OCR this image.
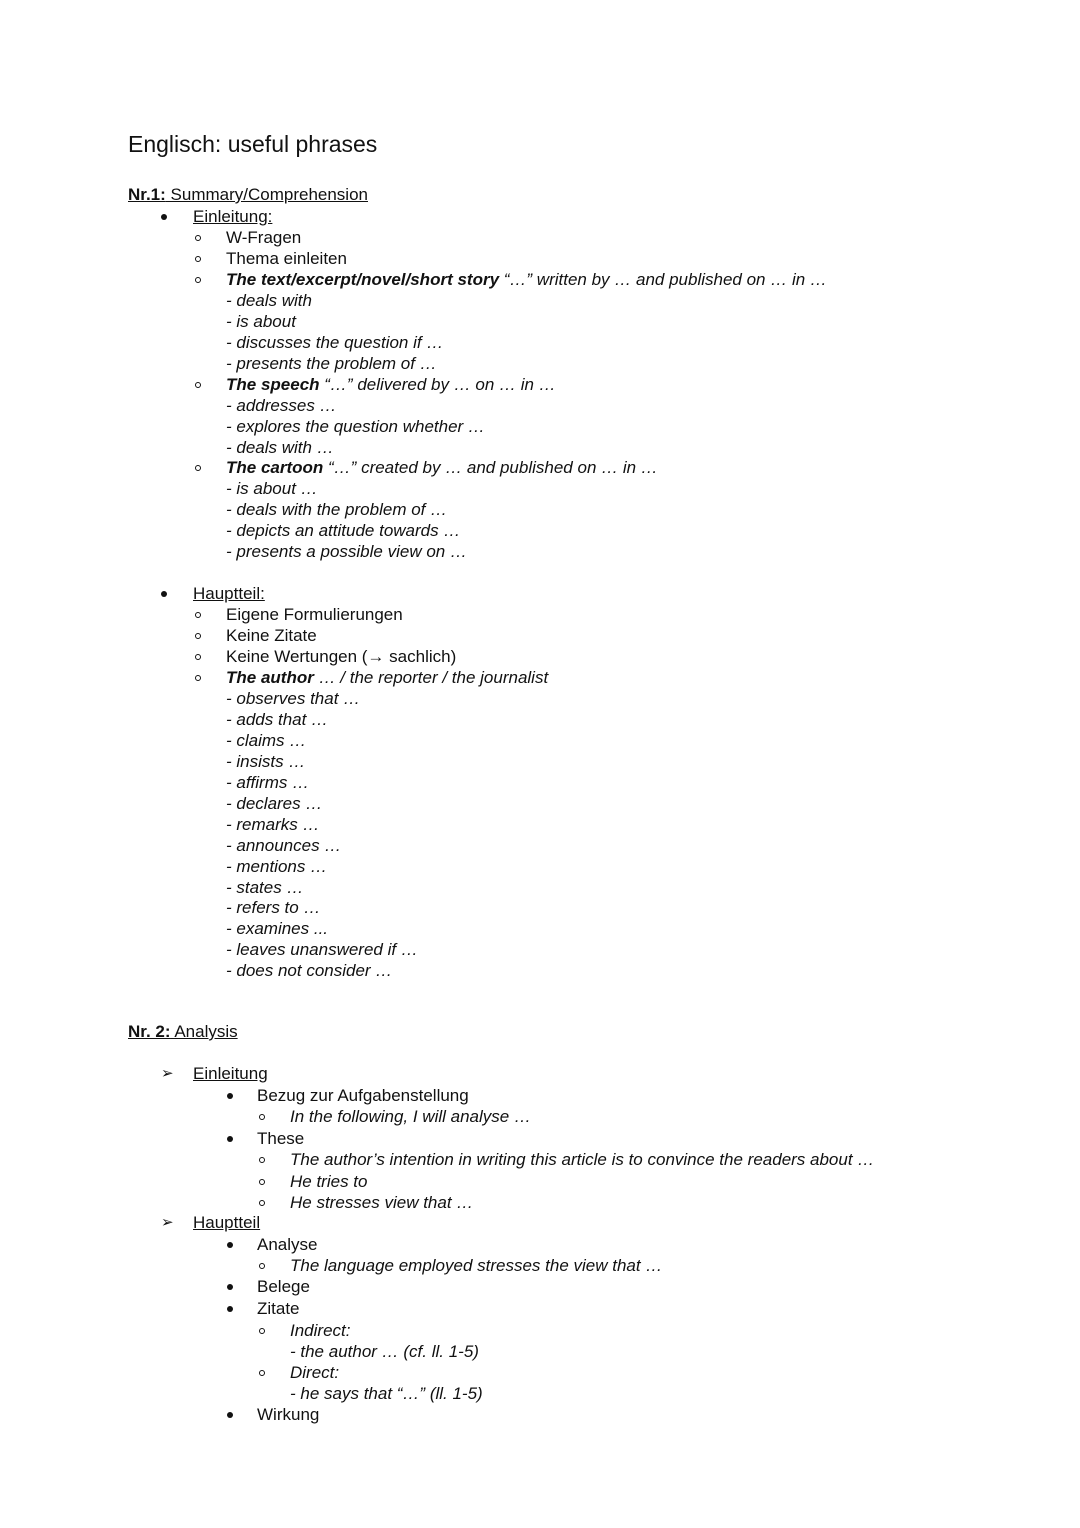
Englisch: useful phrases
Nr.1: Summary/Comprehension
Einleitung:
W-Fragen
Thema einleiten
The text/excerpt/novel/short story “…” written by … and published on … in …
- deals with
- is about
- discusses the question if …
- presents the problem of …
The speech “…” delivered by … on … in …
- addresses …
- explores the question whether …
- deals with …
The cartoon “…” created by … and published on … in …
- is about …
- deals with the problem of …
- depicts an attitude towards …
- presents a possible view on …
Hauptteil:
Eigene Formulierungen
Keine Zitate
Keine Wertungen (→ sachlich)
The author … / the reporter / the journalist
- observes that …
- adds that …
- claims …
- insists …
- affirms …
- declares …
- remarks …
- announces …
- mentions …
- states …
- refers to …
- examines ...
- leaves unanswered if …
- does not consider …
Nr. 2: Analysis
➢ Einleitung
Bezug zur Aufgabenstellung
In the following, I will analyse …
These
The author’s intention in writing this article is to convince the readers about …
He tries to
He stresses view that …
➢ Hauptteil
Analyse
The language employed stresses the view that …
Belege
Zitate
Indirect:
- the author … (cf. ll. 1-5)
Direct:
- he says that “…” (ll. 1-5)
Wirkung
